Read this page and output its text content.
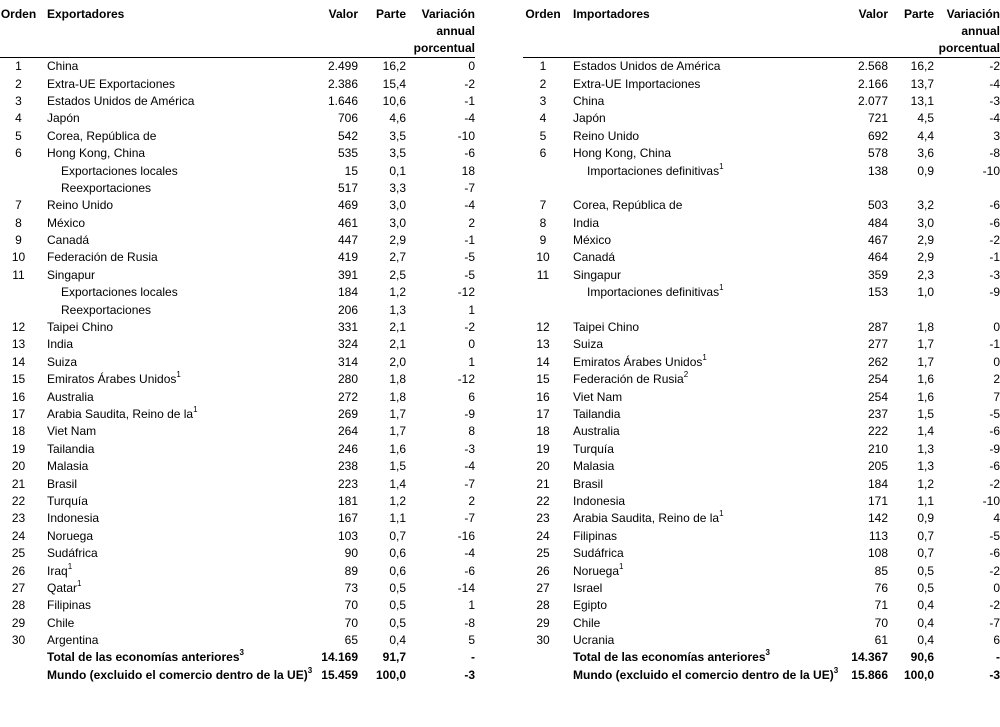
Orden	Exportadores	Valor	Parte	Variación
				annual
				porcentual
1	China	2.499	16,2	0
2	Extra-UE Exportaciones	2.386	15,4	-2
3	Estados Unidos de América	1.646	10,6	-1
4	Japón	706	4,6	-4
5	Corea, República de	542	3,5	-10
6	Hong Kong, China	535	3,5	-6
	Exportaciones locales	15	0,1	18
	Reexportaciones	517	3,3	-7
7	Reino Unido	469	3,0	-4
8	México	461	3,0	2
9	Canadá	447	2,9	-1
10	Federación de Rusia	419	2,7	-5
11	Singapur	391	2,5	-5
	Exportaciones locales	184	1,2	-12
	Reexportaciones	206	1,3	1
12	Taipei Chino	331	2,1	-2
13	India	324	2,1	0
14	Suiza	314	2,0	1
15	Emiratos Árabes Unidos$^1$	280	1,8	-12
16	Australia	272	1,8	6
17	Arabia Saudita, Reino de $la^1$	269	1,7	-9
18	Viet Nam	264	1,7	8
19	Tailandia	246	1,6	-3
20	Malasia	238	1,5	-4
21	Brasil	223	1,4	-7
22	Turquía	181	1,2	2
23	Indonesia	167	1,1	-7
24	Noruega	103	0,7	-16
25	Sudáfrica	90	0,6	-4
26	Iraq$^1$	89	0,6	-6
27	Qatar$^1$	73	0,5	-14
28	Filipinas	70	0,5	1
29	Chile	70	0,5	-8
30	Argentina	65	0,4	5
	Total de las economías anteriores$^3$	14.169	91,7	-
	Mundo (excluido el comercio dentro de la UE)$^3$	15.459	100,0	-3
Orden	Importadores	Valor	Parte	Variación
				annual
				porcentual
1	Estados Unidos de América	2.568	16,2	-2
2	Extra-UE Importaciones	2.166	13,7	-4
3	China	2.077	13,1	-3
4	Japón	721	4,5	-4
5	Reino Unido	692	4,4	3
6	Hong Kong, China	578	3,6	-8
	Importaciones definitivas$^1$	138	0,9	-10

7	Corea, República de	503	3,2	-6
8	India	484	3,0	-6
9	México	467	2,9	-2
10	Canadá	464	2,9	-1
11	Singapur	359	2,3	-3
	Importaciones definitivas$^1$	153	1,0	-9

12	Taipei Chino	287	1,8	0
13	Suiza	277	1,7	-1
14	Emiratos Árabes Unidos$^1$	262	1,7	0
15	Federación de Rusia$^2$	254	1,6	2
16	Viet Nam	254	1,6	7
17	Tailandia	237	1,5	-5
18	Australia	222	1,4	-6
19	Turquía	210	1,3	-9
20	Malasia	205	1,3	-6
21	Brasil	184	1,2	-2
22	Indonesia	171	1,1	-10
23	Arabia Saudita, Reino de $la^1$	142	0,9	4
24	Filipinas	113	0,7	-5
25	Sudáfrica	108	0,7	-6
26	Noruega$^1$	85	0,5	-2
27	Israel	76	0,5	0
28	Egipto	71	0,4	-2
29	Chile	70	0,4	-7
30	Ucrania	61	0,4	6
	Total de las economías anteriores$^3$	14.367	90,6	-
	Mundo (excluido el comercio dentro de la UE)$^3$	15.866	100,0	-3
